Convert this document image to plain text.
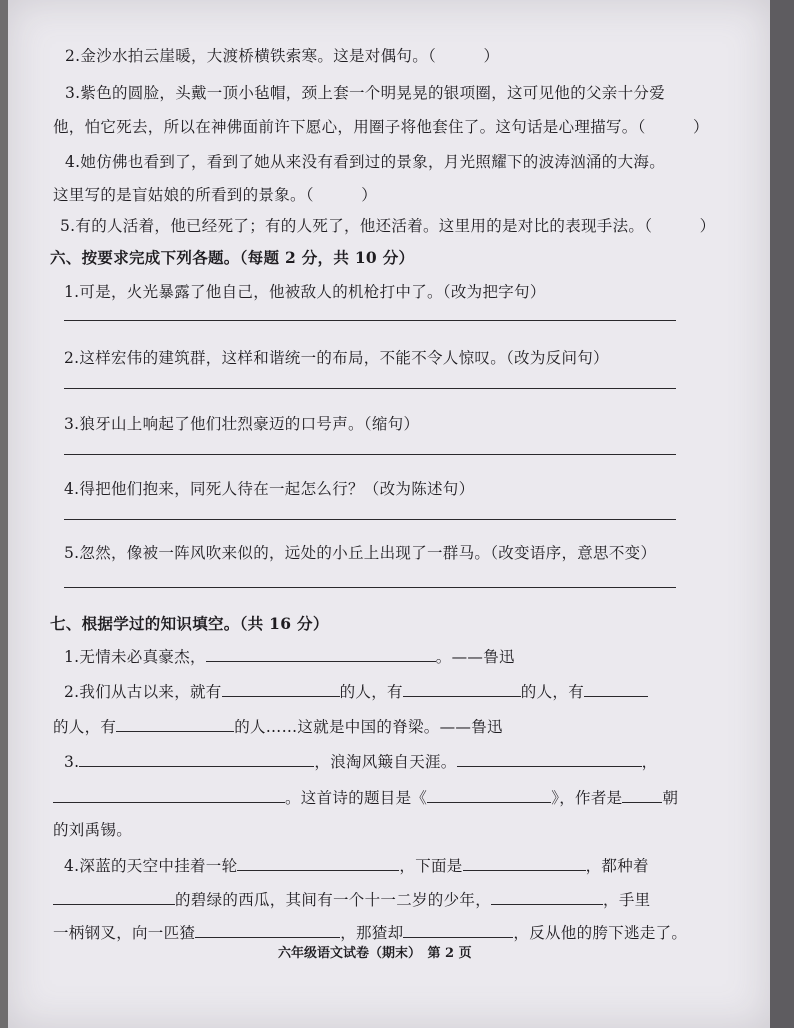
2.金沙水拍云崖暖，大渡桥横铁索寒。这是对偶句。（　　　）
3.紫色的圆脸，头戴一顶小毡帽，颈上套一个明晃晃的银项圈，这可见他的父亲十分爱
他，怕它死去，所以在神佛面前许下愿心，用圈子将他套住了。这句话是心理描写。（　　　）
4.她仿佛也看到了，看到了她从来没有看到过的景象，月光照耀下的波涛汹涌的大海。
这里写的是盲姑娘的所看到的景象。（　　　）
5.有的人活着，他已经死了；有的人死了，他还活着。这里用的是对比的表现手法。（　　　）
六、按要求完成下列各题。（每题 2 分，共 10 分）
1.可是，火光暴露了他自己，他被敌人的机枪打中了。（改为把字句）
2.这样宏伟的建筑群，这样和谐统一的布局，不能不令人惊叹。（改为反问句）
3.狼牙山上响起了他们壮烈豪迈的口号声。（缩句）
4.得把他们抱来，同死人待在一起怎么行？（改为陈述句）
5.忽然，像被一阵风吹来似的，远处的小丘上出现了一群马。（改变语序，意思不变）
七、根据学过的知识填空。（共 16 分）
1.无情未必真豪杰，	。——鲁迅
2.我们从古以来，就有	的人，有	的人，有
的人，有	的人……这就是中国的脊梁。——鲁迅
3.	，浪淘风簸自天涯。	，
。这首诗的题目是《	》，作者是	朝
的刘禹锡。
4.深蓝的天空中挂着一轮	，下面是	，都种着
的碧绿的西瓜，其间有一个十一二岁的少年，	，手里
一柄钢叉，向一匹猹	，那猹却	，反从他的胯下逃走了。
六年级语文试卷（期末）　第 2 页
